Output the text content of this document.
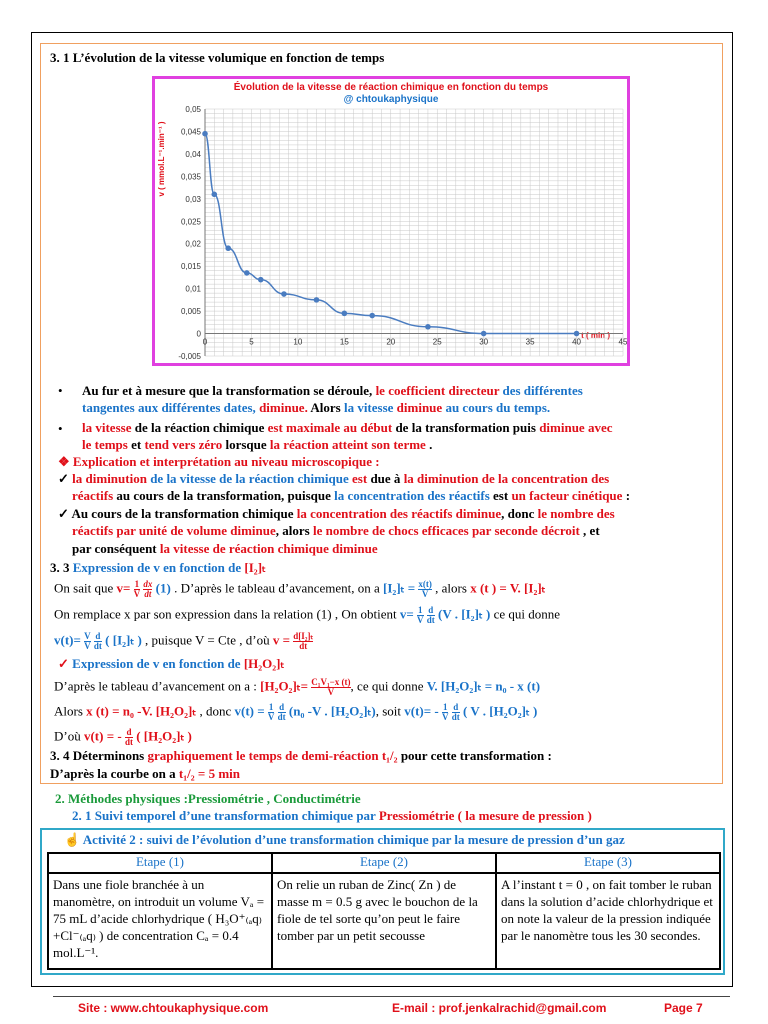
3. 1 L’évolution de la vitesse volumique en fonction de temps
Évolution de la vitesse de réaction chimique en fonction du temps
@ chtoukaphysique
v ( mmol.L⁻¹.min⁻¹ )
t ( min )
-0,005
0
0,005
0,01
0,015
0,02
0,025
0,03
0,035
0,04
0,045
0,05
0	5	10	15	20	25	30	35	40	45
• Au fur et à mesure que la transformation se déroule, le coefficient directeur des différentes
tangentes aux différentes dates, diminue. Alors la vitesse diminue au cours du temps.
• la vitesse de la réaction chimique est maximale au début de la transformation puis diminue avec
le temps et tend vers zéro lorsque la réaction atteint son terme .
❖ Explication et interprétation au niveau microscopique :
✓ la diminution de la vitesse de la réaction chimique est due à la diminution de la concentration des
réactifs au cours de la transformation, puisque la concentration des réactifs est un facteur cinétique :
✓ Au cours de la transformation chimique la concentration des réactifs diminue, donc le nombre des
réactifs par unité de volume diminue, alors le nombre de chocs efficaces par seconde décroit , et
par conséquent la vitesse de réaction chimique diminue
3. 3 Expression de v en fonction de [I₂]ₜ
On sait que $v= \frac{1}{V}$
$\frac{dx}{dt} (1)$ . D’après le tableau d’avancement, on a $[I_2]_t = \frac{x(t)}{V}$ , alors x (t ) = V. [I₂]ₜ
On remplace x par son expression dans la relation (1) , On obtient $v= \frac{1}{V}$
$\frac{d}{dt} (V$ . [I₂]ₜ ) ce qui donne
$v(t)= \frac{V}{V}$
$\frac{d}{dt}$ ( [I₂]ₜ ) , puisque V = Cte , d’où $v = \frac{\text{d[I₂]ₜ}}{dt}$
✓ Expression de v en fonction de [H₂O₂]ₜ
D’après le tableau d’avancement on a : $[H_2O_2]_t= \frac{\text{C₁V₁−x (t)}}{V}$ , ce qui donne V. [H₂O₂]ₜ = n₀ - x (t)
Alors x (t) = n₀ -V. [H₂O₂]ₜ , donc $v(t) = \frac{1}{V}$
$\frac{d}{dt} (n_0$ -V . [H₂O₂]ₜ), soit $v(t)= - \frac{1}{V}$
$\frac{d}{dt}$ ( V . [H₂O₂]ₜ )
D’où v(t) = - $\frac{d}{dt}$ ( [H₂O₂]ₜ )
3. 4 Déterminons graphiquement le temps de demi-réaction t₁/₂ pour cette transformation :
D’après la courbe on a t₁/₂ = 5 min
2. Méthodes physiques :Pressiométrie , Conductimétrie
2. 1 Suivi temporel d’une transformation chimique par Pressiométrie ( la mesure de pression )
☝ Activité 2 : suivi de l’évolution d’une transformation chimique par la mesure de pression d’un gaz
Etape (1)	Etape (2)	Etape (3)
Dans une fiole branchée à un manomètre, on introduit un volume Vₐ = 75 mL d’acide chlorhydrique ( H₃O⁺₍ₐq₎+Cl⁻₍ₐq₎ ) de concentration Cₐ = 0.4 mol.L⁻¹.	On relie un ruban de Zinc( Zn ) de masse m = 0.5 g avec le bouchon de la fiole de tel sorte qu’on peut le faire tomber par un petit secousse	A l’instant t = 0 , on fait tomber le ruban dans la solution d’acide chlorhydrique et on note la valeur de la pression indiquée par le nanomètre tous les 30 secondes.
Site : www.chtoukaphysique.com	E-mail : prof.jenkalrachid@gmail.com	Page 7
